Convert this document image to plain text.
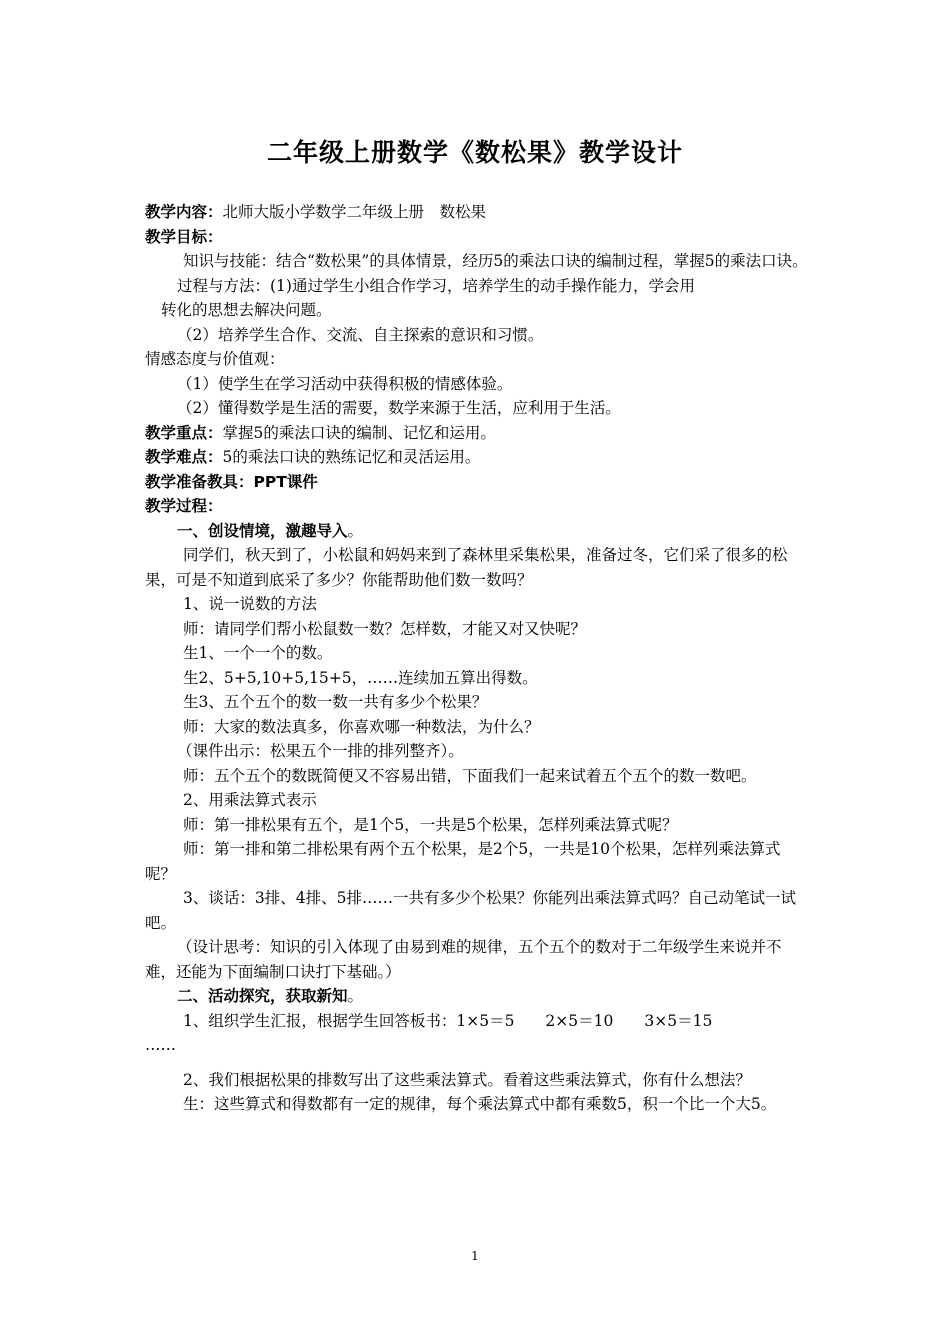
二年级上册数学《数松果》教学设计

教学内容：北师大版小学数学二年级上册　数松果

教学目标：

知识与技能：结合“数松果”的具体情景，经历5的乘法口诀的编制过程，掌握5的乘法口诀。

过程与方法：(1)通过学生小组合作学习，培养学生的动手操作能力，学会用

转化的思想去解决问题。

（2）培养学生合作、交流、自主探索的意识和习惯。

情感态度与价值观：

（1）使学生在学习活动中获得积极的情感体验。

（2）懂得数学是生活的需要，数学来源于生活，应利用于生活。

教学重点：掌握5的乘法口诀的编制、记忆和运用。

教学难点：5的乘法口诀的熟练记忆和灵活运用。

教学准备教具：PPT课件

教学过程：

一、创设情境，激趣导入。

同学们，秋天到了，小松鼠和妈妈来到了森林里采集松果，准备过冬，它们采了很多的松果，可是不知道到底采了多少？你能帮助他们数一数吗？

1、说一说数的方法

师：请同学们帮小松鼠数一数？怎样数，才能又对又快呢？

生1、一个一个的数。

生2、5+5,10+5,15+5，……连续加五算出得数。

生3、五个五个的数一数一共有多少个松果？

师：大家的数法真多，你喜欢哪一种数法，为什么？

（课件出示：松果五个一排的排列整齐）。

师：五个五个的数既简便又不容易出错，下面我们一起来试着五个五个的数一数吧。

2、用乘法算式表示

师：第一排松果有五个，是1个5，一共是5个松果，怎样列乘法算式呢？

师：第一排和第二排松果有两个五个松果，是2个5，一共是10个松果，怎样列乘法算式呢？

3、谈话：3排、4排、5排……一共有多少个松果？你能列出乘法算式吗？自己动笔试一试吧。

（设计思考：知识的引入体现了由易到难的规律，五个五个的数对于二年级学生来说并不难，还能为下面编制口诀打下基础。）

二、活动探究，获取新知。

1、组织学生汇报，根据学生回答板书：1×5＝5　　2×5＝10　　3×5＝15

……

2、我们根据松果的排数写出了这些乘法算式。看着这些乘法算式，你有什么想法？

生：这些算式和得数都有一定的规律，每个乘法算式中都有乘数5，积一个比一个大5。

1
